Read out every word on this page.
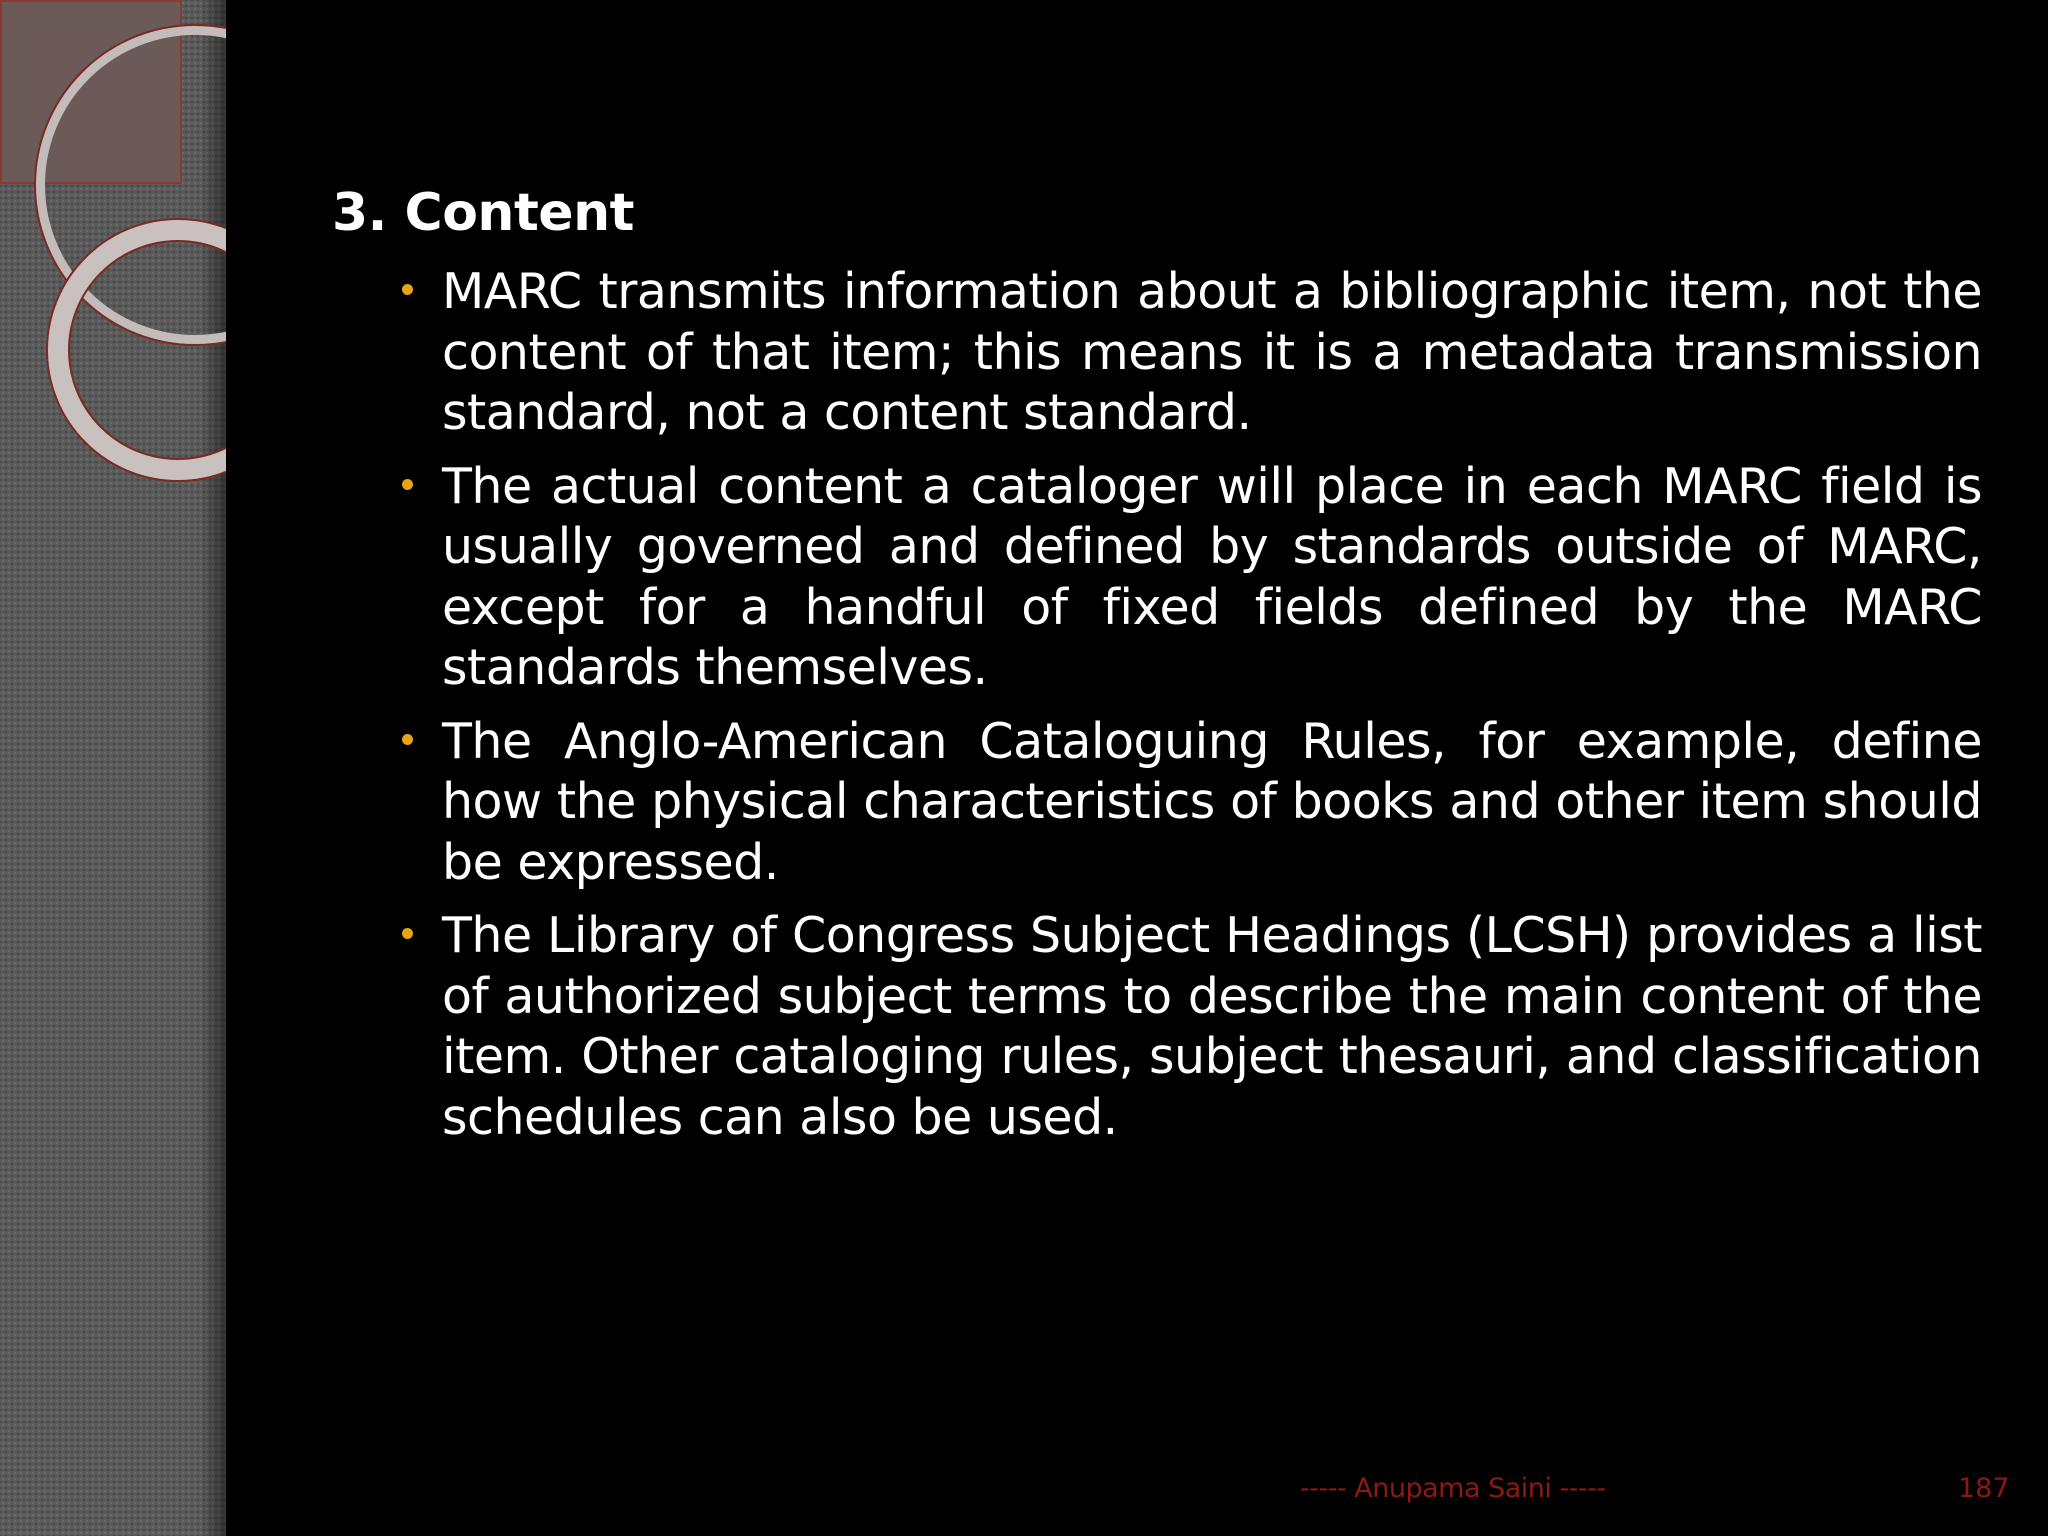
3. Content
MARC transmits information about a bibliographic item, not the content of that item; this means it is a metadata transmission standard, not a content standard.
The actual content a cataloger will place in each MARC field is usually governed and defined by standards outside of MARC, except for a handful of fixed fields defined by the MARC standards themselves.
The Anglo-American Cataloguing Rules, for example, define how the physical characteristics of books and other item should be expressed.
The Library of Congress Subject Headings (LCSH) provides a list of authorized subject terms to describe the main content of the item. Other cataloging rules, subject thesauri, and classification schedules can also be used.
----- Anupama Saini -----	187
